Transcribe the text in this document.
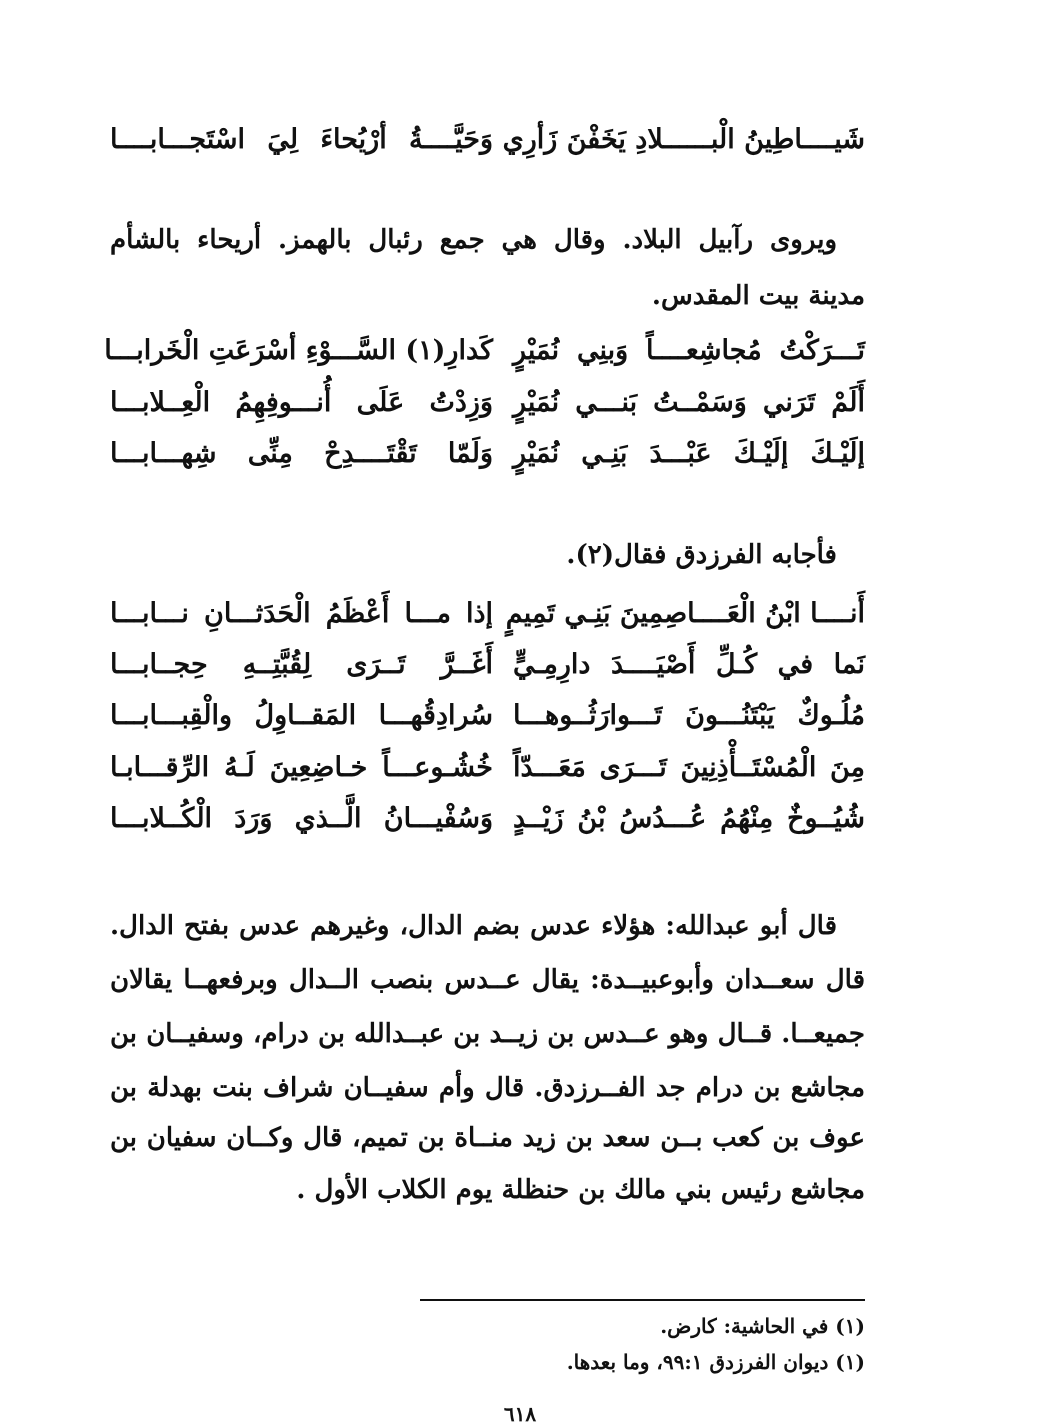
شَيــــاطِينُ الْبــــــلادِ يَخَفْنَ زَأرِي
وَحَيَّــــةُ أرْيُحاءَ لِيَ اسْتَجـــابــــا
ويروى رآبيل البلاد. وقال هي جمع رئبال بالهمز. أريحاء بالشأم
مدينة بيت المقدس.
تَـــرَكْتُ مُجاشِعــــاً وَبنِي نُمَيْرٍ
كَدارِ(١) السَّـــوْءِ أسْرَعَتِ الْخَرابـــا
أَلَمْ تَرَني وَسَمْــتُ بَنـــي نُمَيْرٍ
وَزِدْتُ عَلَى أُنـــوفِهِمُ الْعِــلابـــا
إلَيْـكَ إلَيْـكَ عَبْـــدَ بَنِـي نُمَيْرٍ
وَلَمّا تَقْتَــــدِحْ مِنِّى شِهـــابـــا
فأجابه الفرزدق فقال(٢).
أَنــــا ابْنُ الْعَــــاصِمِينَ بَنِـي تَمِيمٍ
إذا مـــا أَعْظَمُ الْحَدَثـــانِ نـــابـــا
نَما في كُـلِّ أَصْيَــــدَ دارِمِـيٍّ
أَغَــرَّ تَــرَى لِقُبَّتِــهِ حِجــابـــا
مُلُـوكٌ يَبْتَنُـــونَ تَـــوارَثُــوهـــا
سُرادِقُهـــا المَقــاوِلُ والْقِبـــابـــا
مِنَ الْمُسْتَــأْذِنِينَ تَـــرَى مَعَـــدّاً
خُشُـوعـــاً خـاضِعِينَ لَـهُ الرِّقـــابـا
شُيُــوخٌ مِنْهُمُ عُـــدُسُ بْنُ زَيْــدٍ
وَسُفْيـــانُ الَّــذي وَرَدَ الْكُــلابـــا
قال أبو عبدالله: هؤلاء عدس بضم الدال، وغيرهم عدس بفتح الدال.
قال سعــدان وأبوعبيــدة: يقال عــدس بنصب الــدال وبرفعهــا يقالان
جميعــا. قــال وهو عــدس بن زيــد بن عبــدالله بن درام، وسفيــان بن
مجاشع بن درام جد الفــرزدق. قال وأم سفيــان شراف بنت بهدلة بن
عوف بن كعب بــن سعد بن زيد منــاة بن تميم، قال وكــان سفيان بن
مجاشع رئيس بني مالك بن حنظلة يوم الكلاب الأول .
(١) في الحاشية: كارض.
(١) ديوان الفرزدق ٩٩:١، وما بعدها.
٦١٨
